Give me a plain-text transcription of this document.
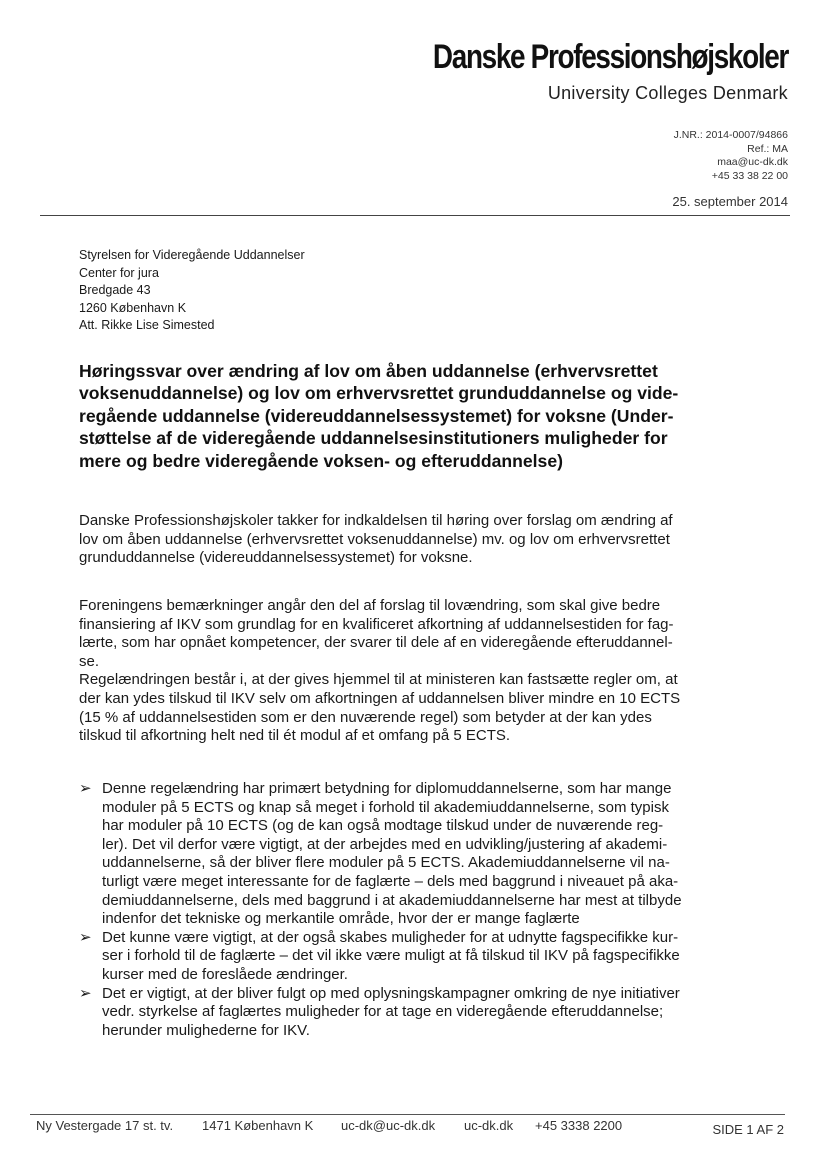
Danske Professionshøjskoler
University Colleges Denmark
J.NR.: 2014-0007/94866
Ref.: MA
maa@uc-dk.dk
+45 33 38 22 00
25. september 2014
Styrelsen for Videregående Uddannelser
Center for jura
Bredgade 43
1260 København K
Att. Rikke Lise Simested
Høringssvar over ændring af lov om åben uddannelse (erhvervsrettet
voksenuddannelse) og lov om erhvervsrettet grunduddannelse og vide-
regående uddannelse (videreuddannelsessystemet) for voksne (Under-
støttelse af de videregående uddannelsesinstitutioners muligheder for
mere og bedre videregående voksen- og efteruddannelse)
Danske Professionshøjskoler takker for indkaldelsen til høring over forslag om ændring af
lov om åben uddannelse (erhvervsrettet voksenuddannelse) mv. og lov om erhvervsrettet
grunduddannelse (videreuddannelsessystemet) for voksne.
Foreningens bemærkninger angår den del af forslag til lovændring, som skal give bedre
finansiering af IKV som grundlag for en kvalificeret afkortning af uddannelsestiden for fag-
lærte, som har opnået kompetencer, der svarer til dele af en videregående efteruddannel-
se.
Regelændringen består i, at der gives hjemmel til at ministeren kan fastsætte regler om, at
der kan ydes tilskud til IKV selv om afkortningen af uddannelsen bliver mindre en 10 ECTS
(15 % af uddannelsestiden som er den nuværende regel) som betyder at der kan ydes
tilskud til afkortning helt ned til ét modul af et omfang på 5 ECTS.
➢ Denne regelændring har primært betydning for diplomuddannelserne, som har mange
moduler på 5 ECTS og knap så meget i forhold til akademiuddannelserne, som typisk
har moduler på 10 ECTS (og de kan også modtage tilskud under de nuværende reg-
ler). Det vil derfor være vigtigt, at der arbejdes med en udvikling/justering af akademi-
uddannelserne, så der bliver flere moduler på 5 ECTS. Akademiuddannelserne vil na-
turligt være meget interessante for de faglærte – dels med baggrund i niveauet på aka-
demiuddannelserne, dels med baggrund i at akademiuddannelserne har mest at tilbyde
indenfor det tekniske og merkantile område, hvor der er mange faglærte
➢ Det kunne være vigtigt, at der også skabes muligheder for at udnytte fagspecifikke kur-
ser i forhold til de faglærte – det vil ikke være muligt at få tilskud til IKV på fagspecifikke
kurser med de foreslåede ændringer.
➢ Det er vigtigt, at der bliver fulgt op med oplysningskampagner omkring de nye initiativer
vedr. styrkelse af faglærtes muligheder for at tage en videregående efteruddannelse;
herunder mulighederne for IKV.
Ny Vestergade 17 st. tv. 1471 København K uc-dk@uc-dk.dk uc-dk.dk +45 3338 2200	SIDE 1 AF 2
